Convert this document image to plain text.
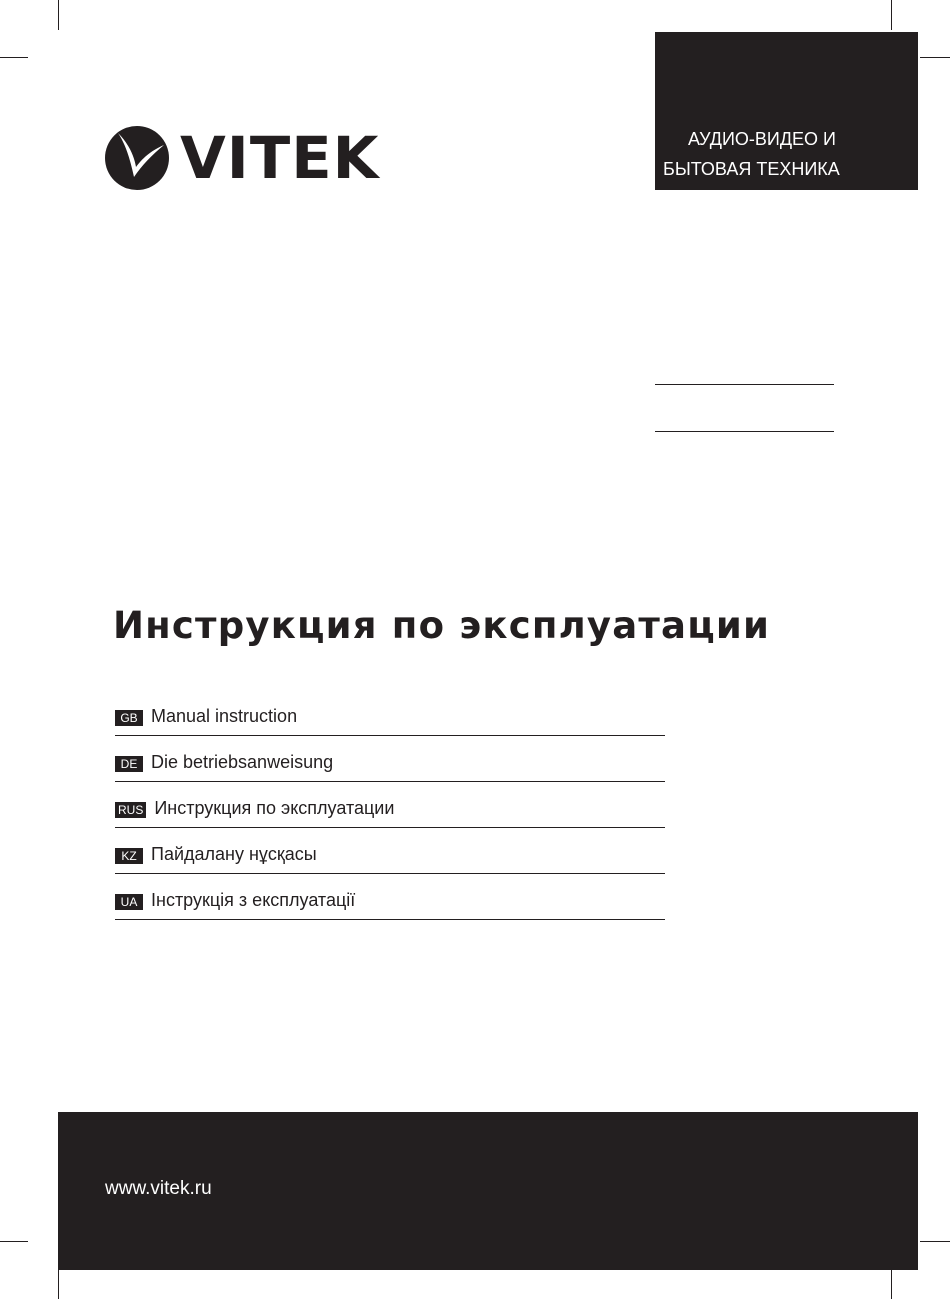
VITEK	АУДИО-ВИДЕО И
БЫТОВАЯ ТЕХНИКА
Инструкция по эксплуатации
GB Manual instruction
DE Die betriebsanweisung
RUS Инструкция по эксплуатации
KZ Пайдалану нұсқасы
UA Інструкція з експлуатації
www.vitek.ru
